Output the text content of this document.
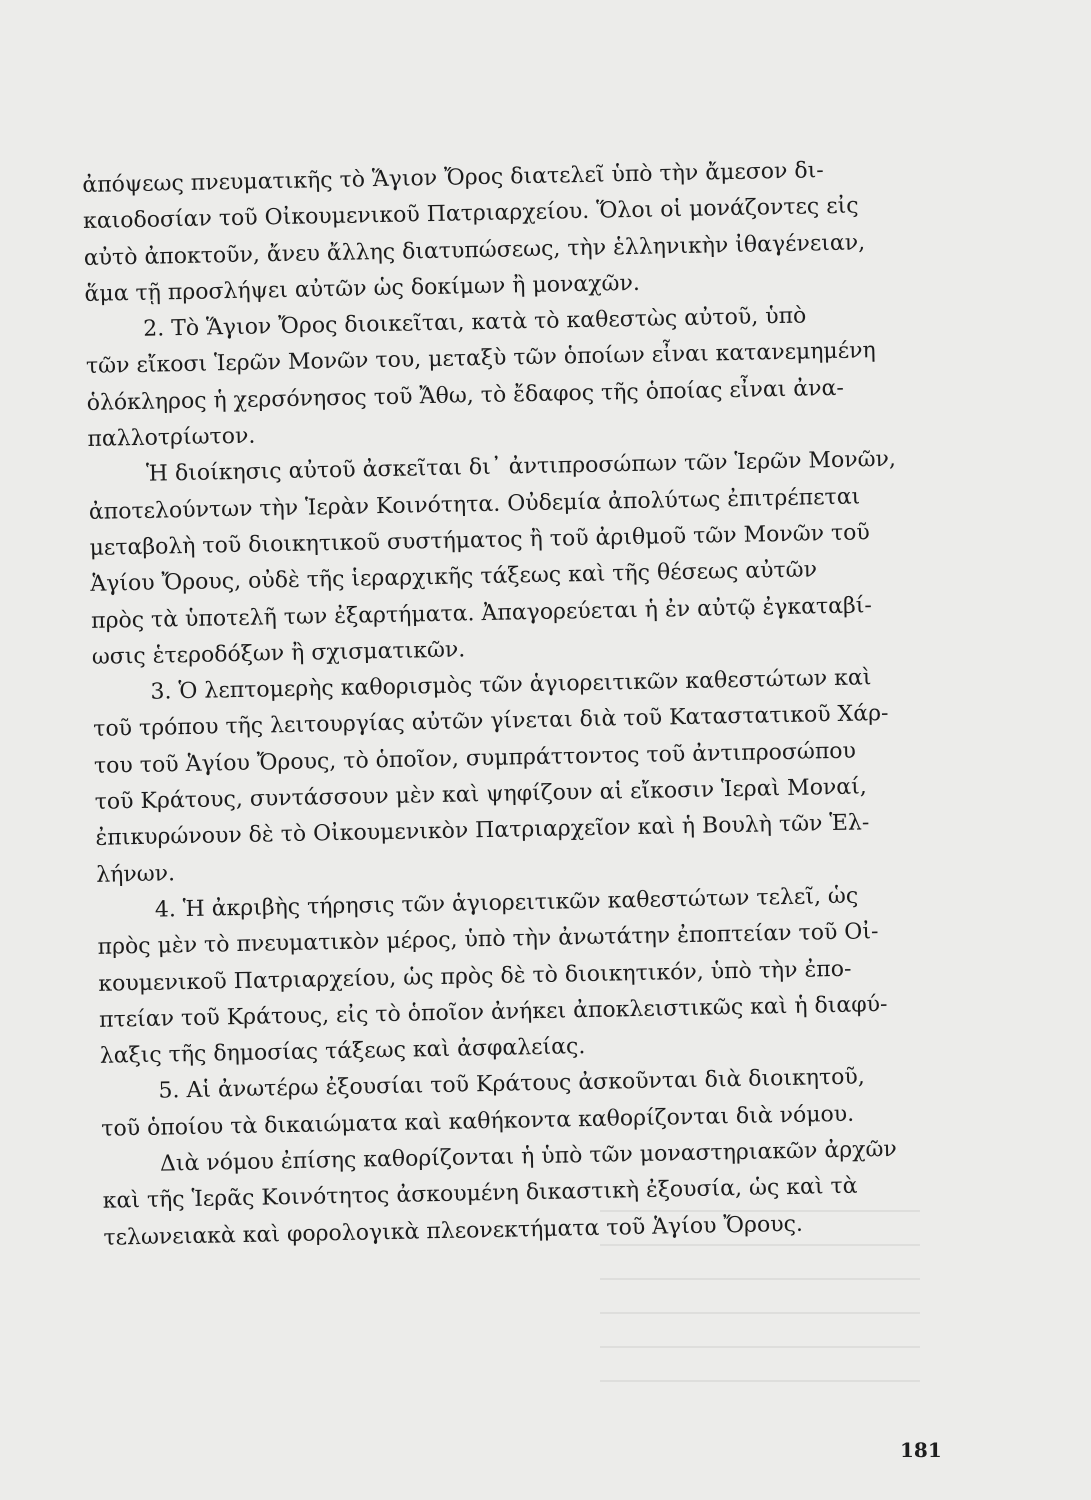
ἀπόψεως πνευματικῆς τὸ Ἅγιον Ὄρος διατελεῖ ὑπὸ τὴν ἄμεσον δι-
καιοδοσίαν τοῦ Οἰκουμενικοῦ Πατριαρχείου. Ὅλοι οἱ μονάζοντες εἰς
αὐτὸ ἀποκτοῦν, ἄνευ ἄλλης διατυπώσεως, τὴν ἑλληνικὴν ἰθαγένειαν,
ἅμα τῇ προσλήψει αὐτῶν ὡς δοκίμων ἢ μοναχῶν.
2. Τὸ Ἅγιον Ὄρος διοικεῖται, κατὰ τὸ καθεστὼς αὐτοῦ, ὑπὸ
τῶν εἴκοσι Ἱερῶν Μονῶν του, μεταξὺ τῶν ὁποίων εἶναι κατανεμημένη
ὁλόκληρος ἡ χερσόνησος τοῦ Ἄθω, τὸ ἔδαφος τῆς ὁποίας εἶναι ἀνα-
παλλοτρίωτον.
Ἡ διοίκησις αὐτοῦ ἀσκεῖται δι᾽ ἀντιπροσώπων τῶν Ἱερῶν Μονῶν,
ἀποτελούντων τὴν Ἱερὰν Κοινότητα. Οὐδεμία ἀπολύτως ἐπιτρέπεται
μεταβολὴ τοῦ διοικητικοῦ συστήματος ἢ τοῦ ἀριθμοῦ τῶν Μονῶν τοῦ
Ἁγίου Ὄρους, οὐδὲ τῆς ἱεραρχικῆς τάξεως καὶ τῆς θέσεως αὐτῶν
πρὸς τὰ ὑποτελῆ των ἐξαρτήματα. Ἀπαγορεύεται ἡ ἐν αὐτῷ ἐγκαταβί-
ωσις ἑτεροδόξων ἢ σχισματικῶν.
3. Ὁ λεπτομερὴς καθορισμὸς τῶν ἁγιορειτικῶν καθεστώτων καὶ
τοῦ τρόπου τῆς λειτουργίας αὐτῶν γίνεται διὰ τοῦ Καταστατικοῦ Χάρ-
του τοῦ Ἁγίου Ὄρους, τὸ ὁποῖον, συμπράττοντος τοῦ ἀντιπροσώπου
τοῦ Κράτους, συντάσσουν μὲν καὶ ψηφίζουν αἱ εἴκοσιν Ἱεραὶ Μοναί,
ἐπικυρώνουν δὲ τὸ Οἰκουμενικὸν Πατριαρχεῖον καὶ ἡ Βουλὴ τῶν Ἑλ-
λήνων.
4. Ἡ ἀκριβὴς τήρησις τῶν ἁγιορειτικῶν καθεστώτων τελεῖ, ὡς
πρὸς μὲν τὸ πνευματικὸν μέρος, ὑπὸ τὴν ἀνωτάτην ἐποπτείαν τοῦ Οἰ-
κουμενικοῦ Πατριαρχείου, ὡς πρὸς δὲ τὸ διοικητικόν, ὑπὸ τὴν ἐπο-
πτείαν τοῦ Κράτους, εἰς τὸ ὁποῖον ἀνήκει ἀποκλειστικῶς καὶ ἡ διαφύ-
λαξις τῆς δημοσίας τάξεως καὶ ἀσφαλείας.
5. Αἱ ἀνωτέρω ἐξουσίαι τοῦ Κράτους ἀσκοῦνται διὰ διοικητοῦ,
τοῦ ὁποίου τὰ δικαιώματα καὶ καθήκοντα καθορίζονται διὰ νόμου.
Διὰ νόμου ἐπίσης καθορίζονται ἡ ὑπὸ τῶν μοναστηριακῶν ἀρχῶν
καὶ τῆς Ἱερᾶς Κοινότητος ἀσκουμένη δικαστικὴ ἐξουσία, ὡς καὶ τὰ
τελωνειακὰ καὶ φορολογικὰ πλεονεκτήματα τοῦ Ἁγίου Ὄρους.
181
